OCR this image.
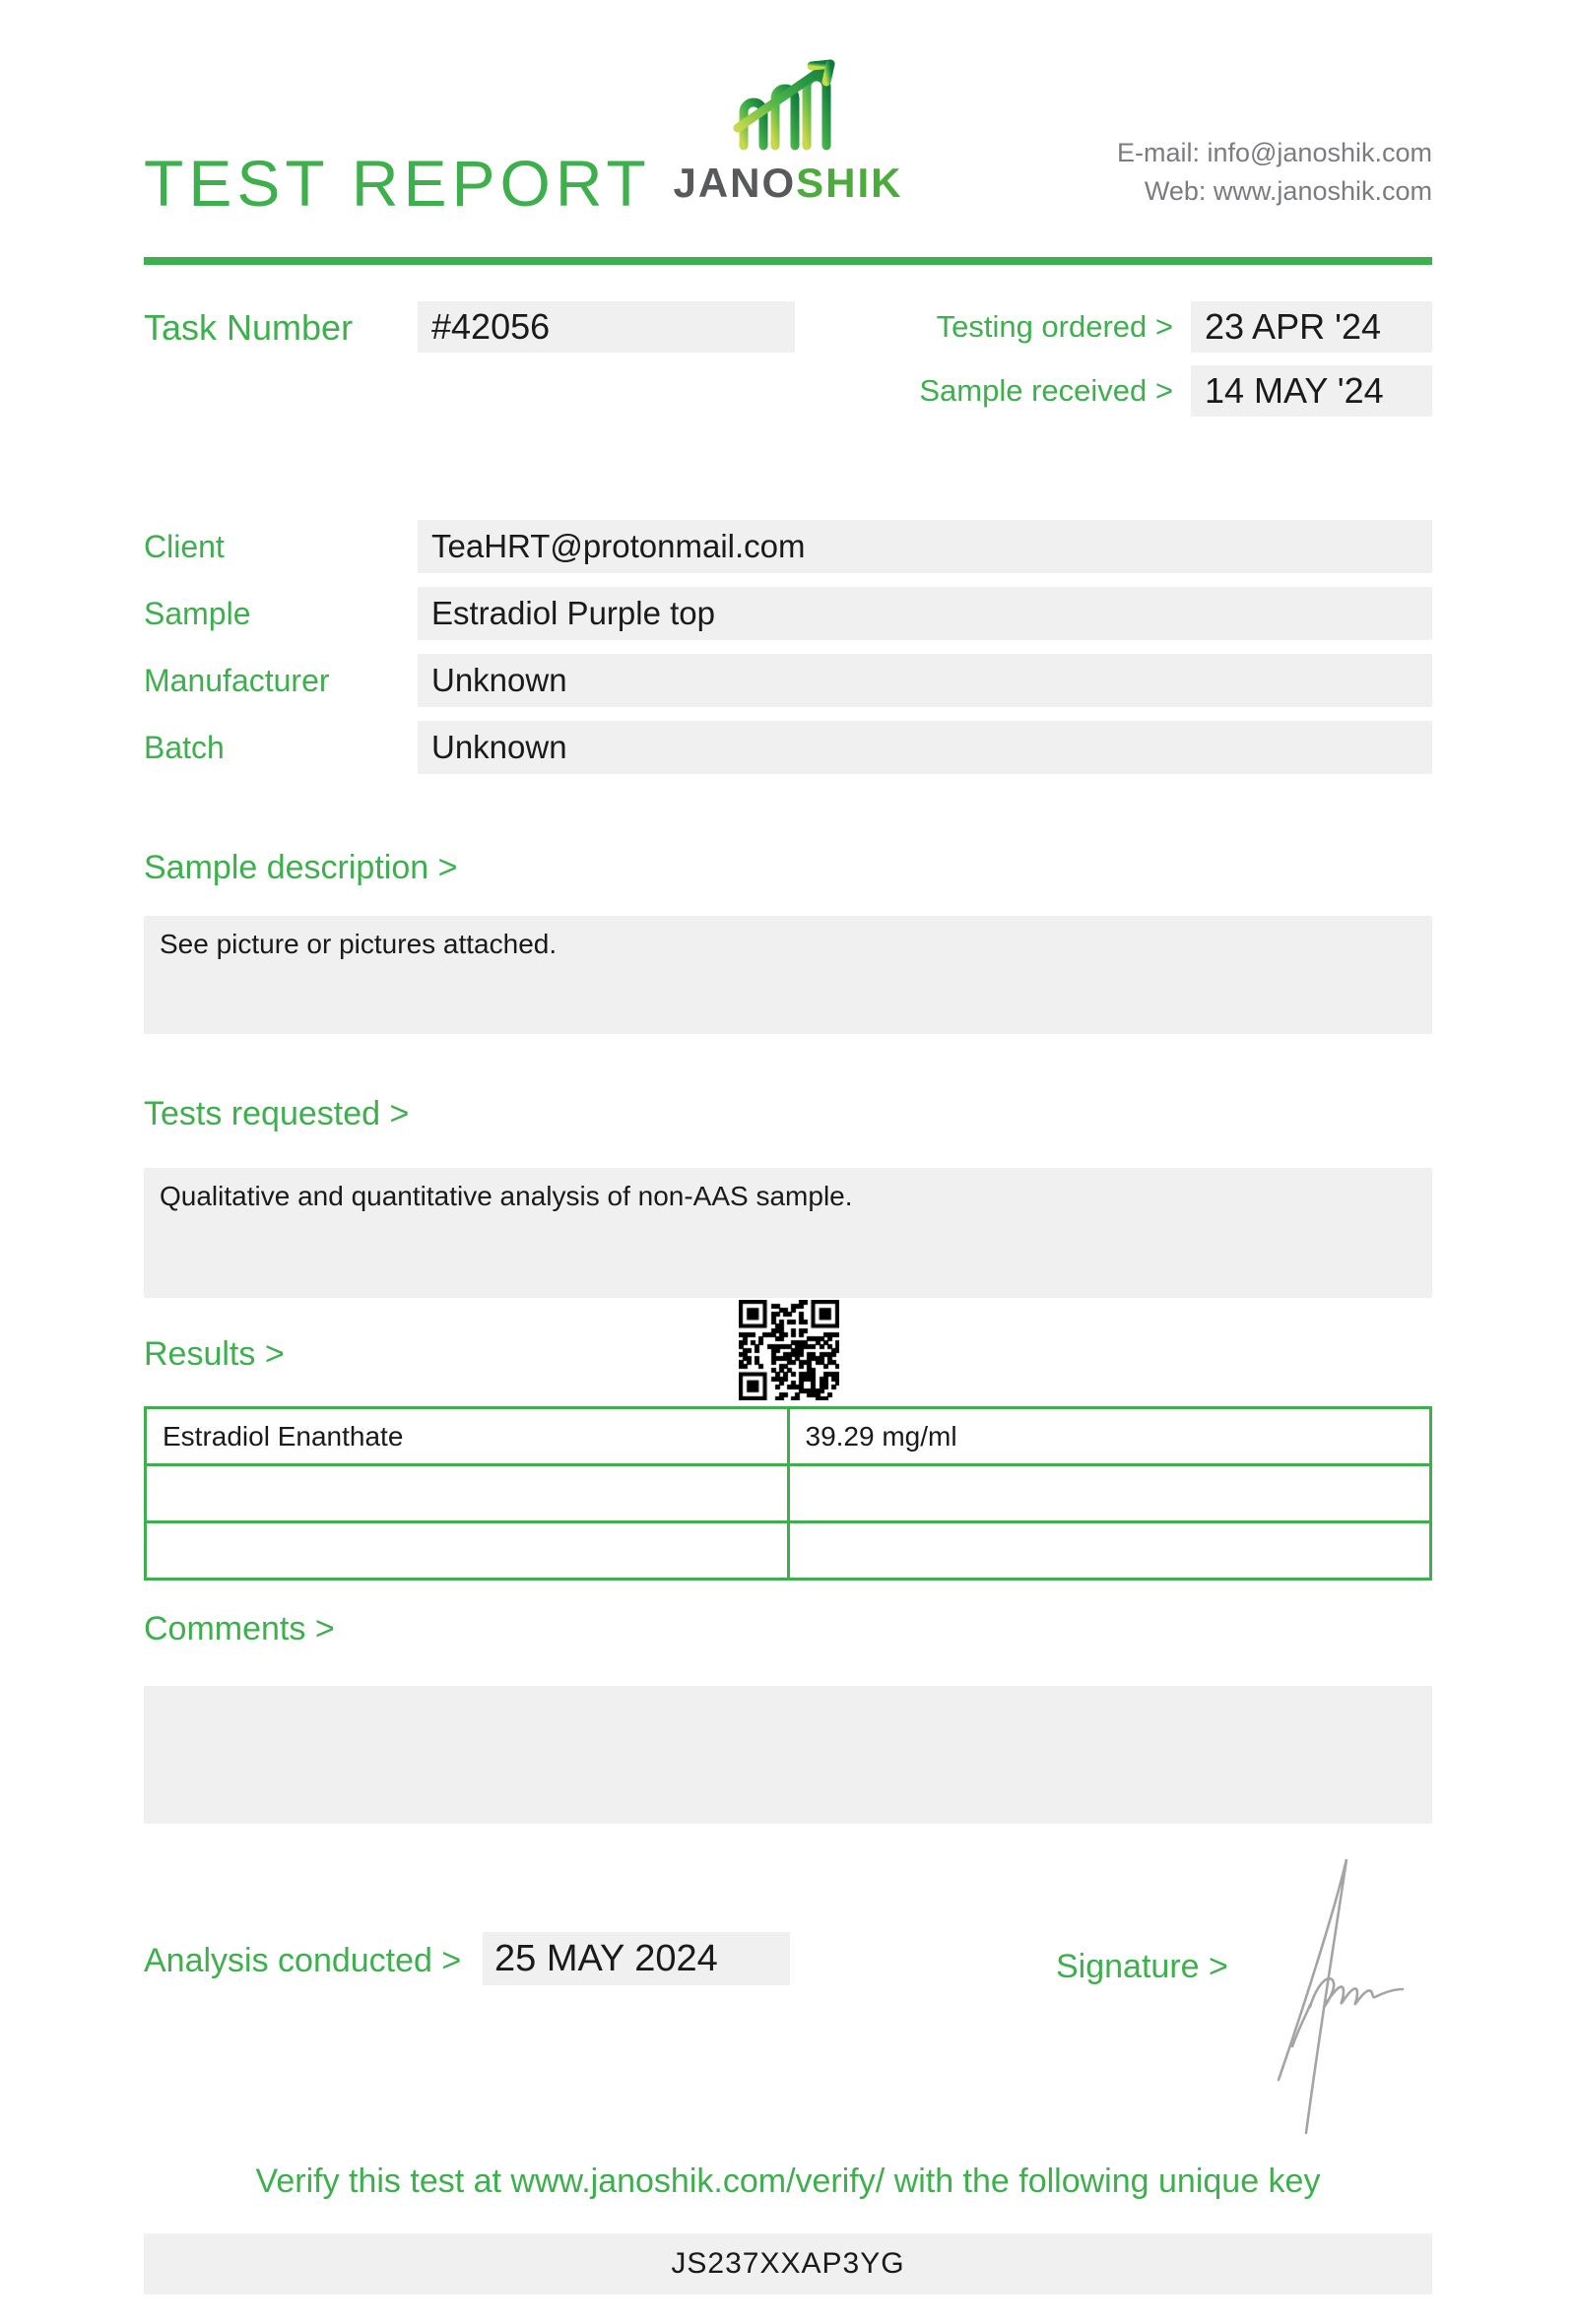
TEST REPORT JANOSHIK
E-mail: info@janoshik.com
Web: www.janoshik.com
Task Number	#42056	Testing ordered > 23 APR '24
Sample received > 14 MAY '24
Client	TeaHRT@protonmail.com
Sample	Estradiol Purple top
Manufacturer	Unknown
Batch	Unknown
Sample description >
See picture or pictures attached.
Tests requested >
Qualitative and quantitative analysis of non-AAS sample.
Results >
Estradiol Enanthate	39.29 mg/ml

Comments >
Analysis conducted > 25 MAY 2024	Signature >
Verify this test at www.janoshik.com/verify/ with the following unique key
JS237XXAP3YG
